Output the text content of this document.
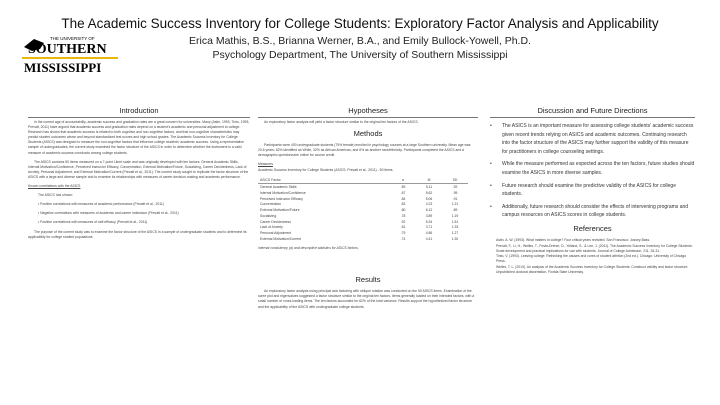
The Academic Success Inventory for College Students: Exploratory Factor Analysis and Applicability
Erica Mathis, B.S., Brianna Werner, B.A., and Emily Bullock-Yowell, Ph.D.
Psychology Department, The University of Southern Mississippi
THE UNIVERSITY OF
SOUTHERN
MISSISSIPPI

Introduction

In the current age of accountability, academic success and graduation rates are a great concern for universities. Many (Astin, 1993; Tinto, 1993; Prevatt, 2011) have argued that academic success and graduation rates depend on a student's academic and personal adjustment to college. Research has shown that academic success is related to both cognitive and non-cognitive factors, and that non-cognitive characteristics may predict student outcomes above and beyond standardized test scores and high school grades. The Academic Success Inventory for College Students (ASICS) was designed to measure the non-cognitive factors that influence college students' academic success. Using a representative sample of undergraduates, the current study examined the factor structure of the ASICS in order to determine whether the instrument is a valid measure of academic success constructs among college students.

The ASICS contains 50 items measured on a 7-point Likert scale and was originally developed with ten factors: General Academic Skills, Internal Motivation/Confidence, Perceived Instructor Efficacy, Concentration, External Motivation/Future, Socializing, Career Decidedness, Lack of Anxiety, Personal Adjustment, and External Motivation/Current (Prevatt et al., 2011). The current study sought to replicate the factor structure of the ASICS with a large and diverse sample and to examine its relationships with measures of career decision-making and academic performance.

Known correlations with the ASICS

The ASICS has shown:

• Positive correlations with measures of academic performance (Prevatt et al., 2011)

• Negative correlations with measures of academic and career indecision (Prevatt et al., 2011)

• Positive correlations with measures of self-efficacy (Prevatt et al., 2011)

The purpose of the current study was to examine the factor structure of the ASICS in a sample of undergraduate students and to determine its applicability for college student populations.

Hypotheses

An exploratory factor analysis will yield a factor structure similar to the original ten factors of the ASICS.

Methods

Participants were 400 undergraduate students (75% female) enrolled in psychology courses at a large Southern university. Mean age was 20.6 years; 62% identified as White, 32% as African American, and 6% as another race/ethnicity. Participants completed the ASICS and a demographic questionnaire online for course credit.

Measures

Academic Success Inventory for College Students (ASICS; Prevatt et al., 2011) - 50 items.

ASICS Factor	α	M	SD
General Academic Skills	.89	5.11	.92
Internal Motivation/Confidence	.87	5.62	.95
Perceived Instructor Efficacy	.84	5.06	.91
Concentration	.83	4.23	1.21
External Motivation/Future	.80	6.12	.89
Socializing	.78	3.89	1.19
Career Decidedness	.92	5.34	1.51
Lack of Anxiety	.81	3.71	1.33
Personal Adjustment	.79	4.86	1.27
External Motivation/Current	.74	4.41	1.30

Internal consistency (α) and descriptive statistics for ASICS factors.

Results

An exploratory factor analysis using principal axis factoring with oblique rotation was conducted on the 50 ASICS items. Examination of the scree plot and eigenvalues suggested a factor structure similar to the original ten factors. Items generally loaded on their intended factors, with a small number of cross-loading items. The ten factors accounted for 62% of the total variance. Results support the hypothesized factor structure and the applicability of the ASICS with undergraduate college students.

Discussion and Future Directions

•	The ASICS is an important measure for assessing college students' academic success given recent trends relying on ASICS and academic outcomes. Continuing research into the factor structure of the ASICS may further support the validity of this measure for practitioners in college counseling settings.
•	While the measure performed as expected across the ten factors, future studies should examine the ASICS in more diverse samples.
•	Future research should examine the predictive validity of the ASICS for college students.
•	Additionally, future research should consider the effects of intervening programs and campus resources on ASICS scores in college students.

References

Astin, A. W. (1993). What matters in college? Four critical years revisited. San Francisco: Jossey-Bass.

Prevatt, F., Li, H., Welles, T., Festa-Dreher, D., Yelland, S., & Lee, J. (2011). The Academic Success Inventory for College Students: Scale development and practical implications for use with students. Journal of College Admission, 211, 26-31.

Tinto, V. (1993). Leaving college: Rethinking the causes and cures of student attrition (2nd ed.). Chicago: University of Chicago Press.

Welles, T. L. (2010). An analysis of the Academic Success Inventory for College Students: Construct validity and factor structure. Unpublished doctoral dissertation, Florida State University.
